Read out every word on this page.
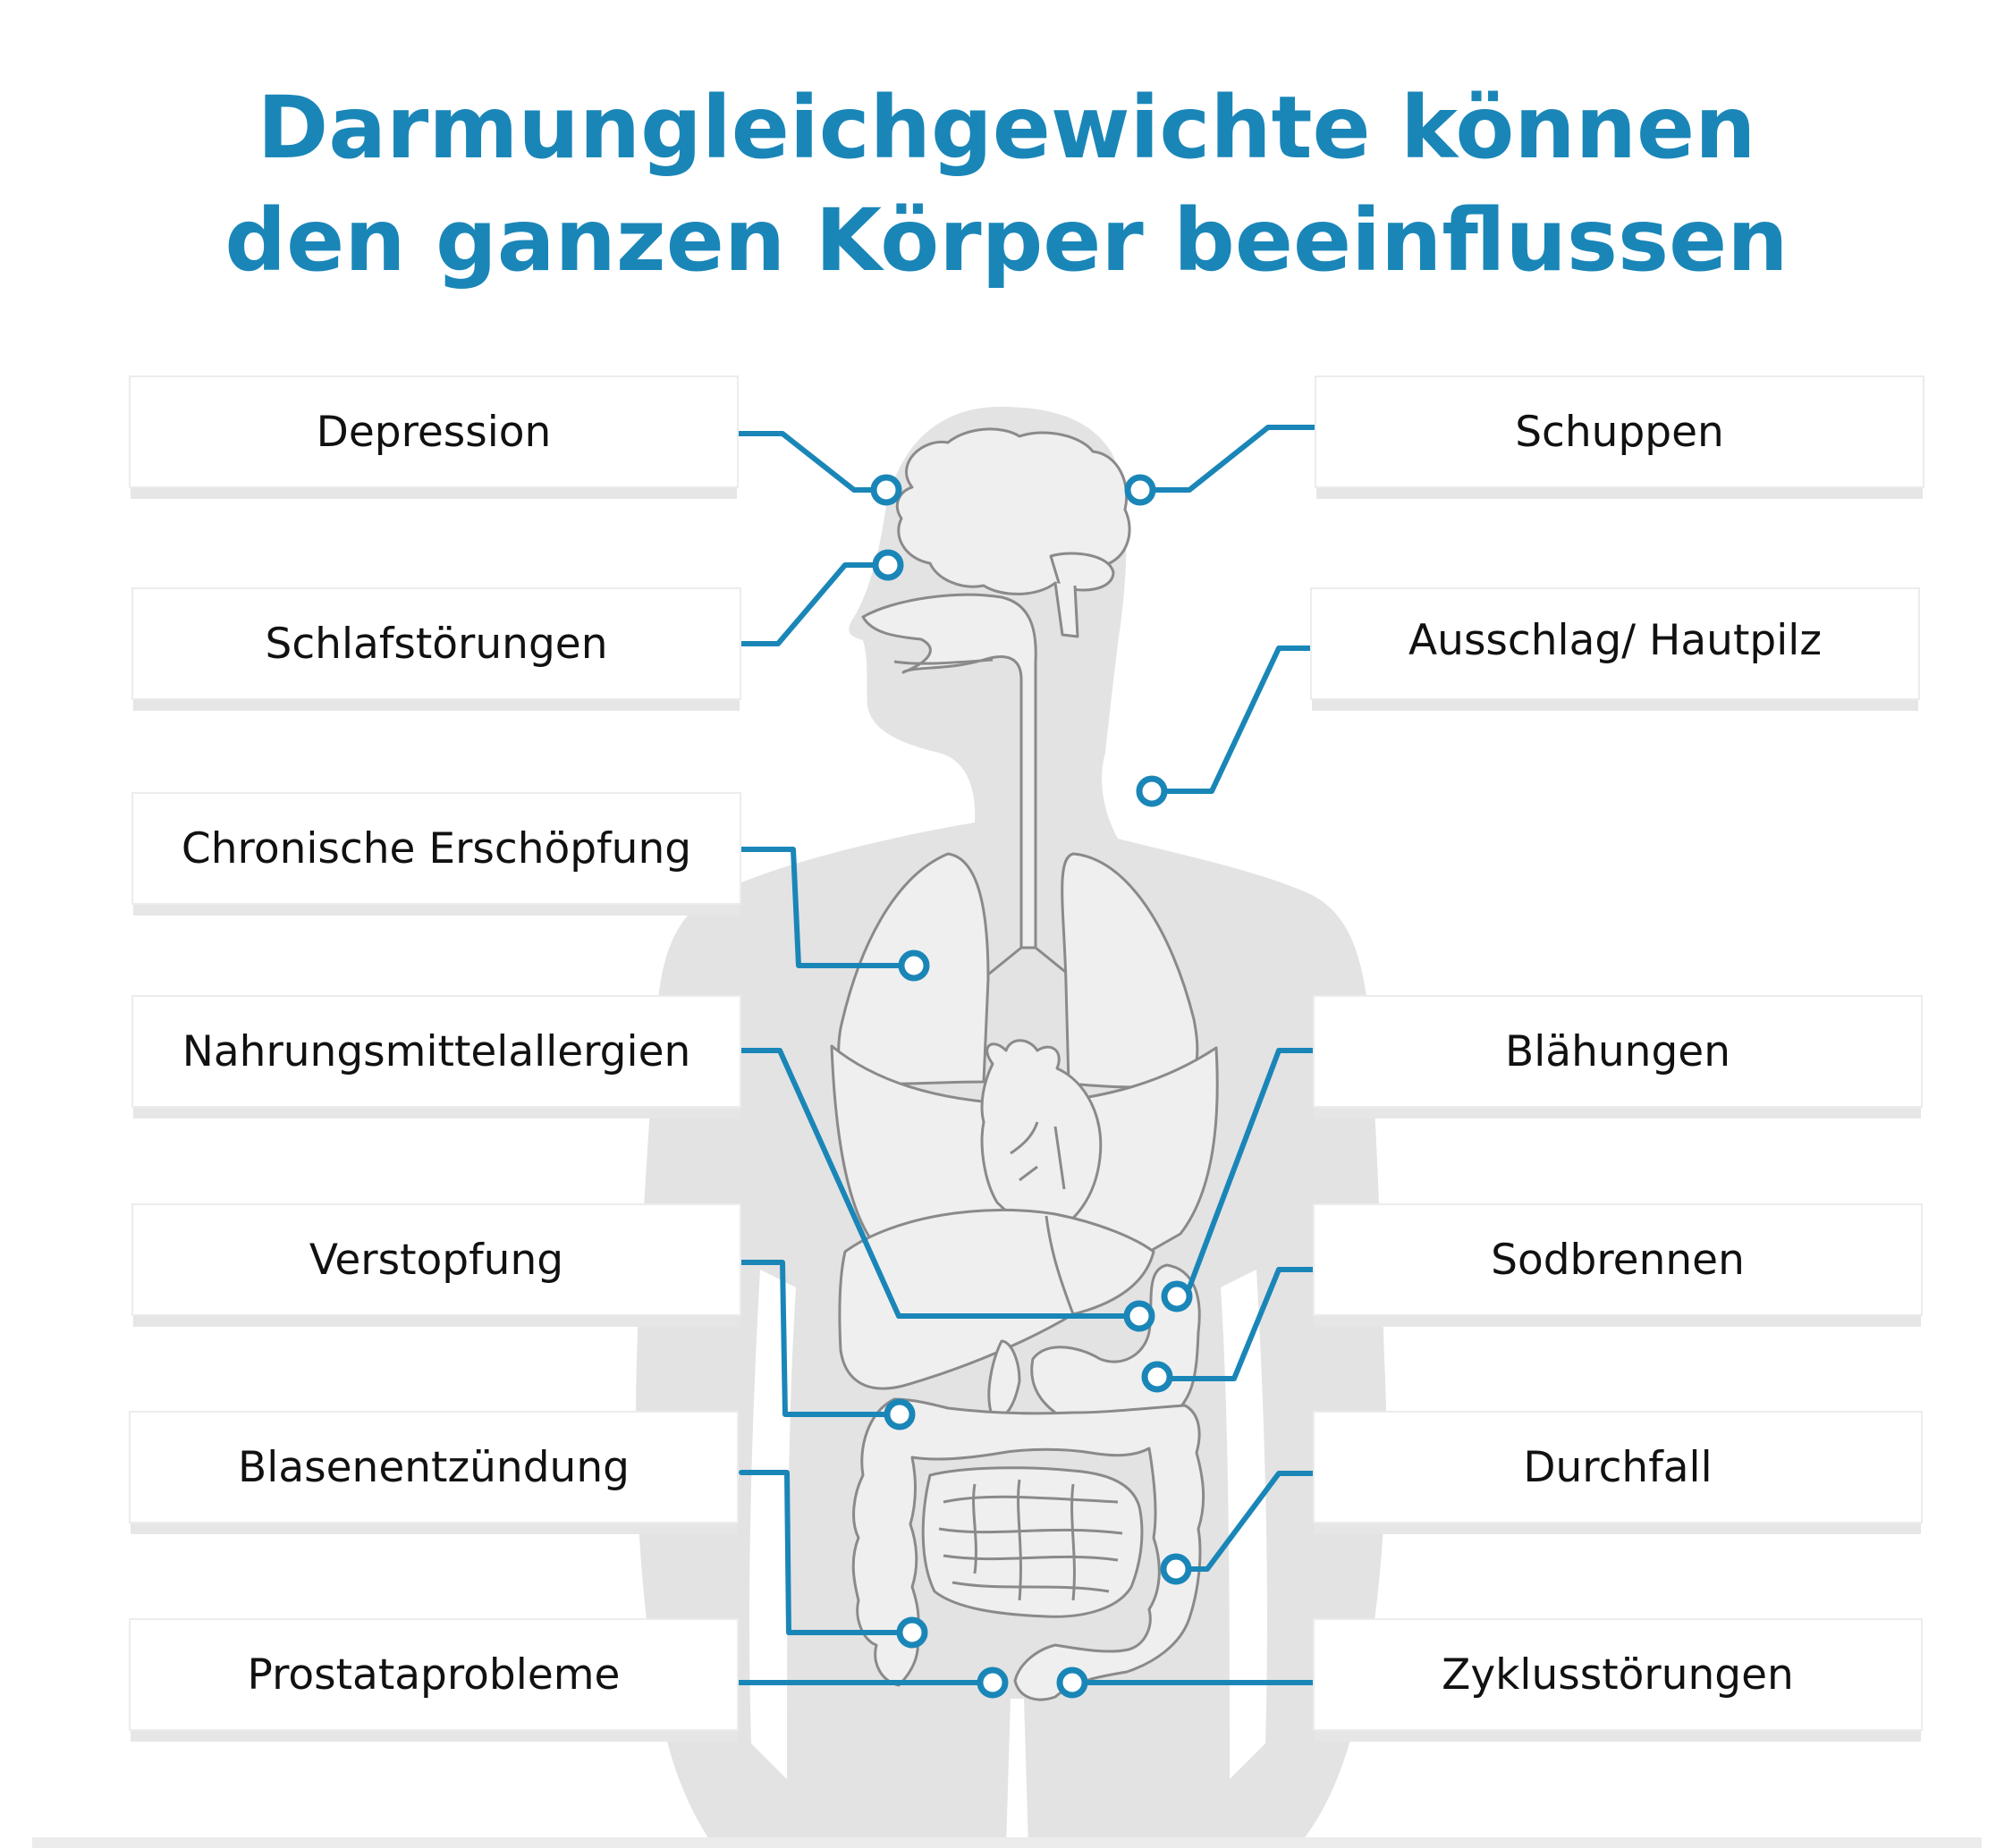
Darmungleichgewichte können
den ganzen Körper beeinflussen
Depression
Schlafstörungen
Chronische Erschöpfung
Nahrungsmittelallergien
Verstopfung
Blasenentzündung
Prostataprobleme
Schuppen
Ausschlag/ Hautpilz
Blähungen
Sodbrennen
Durchfall
Zyklusstörungen
